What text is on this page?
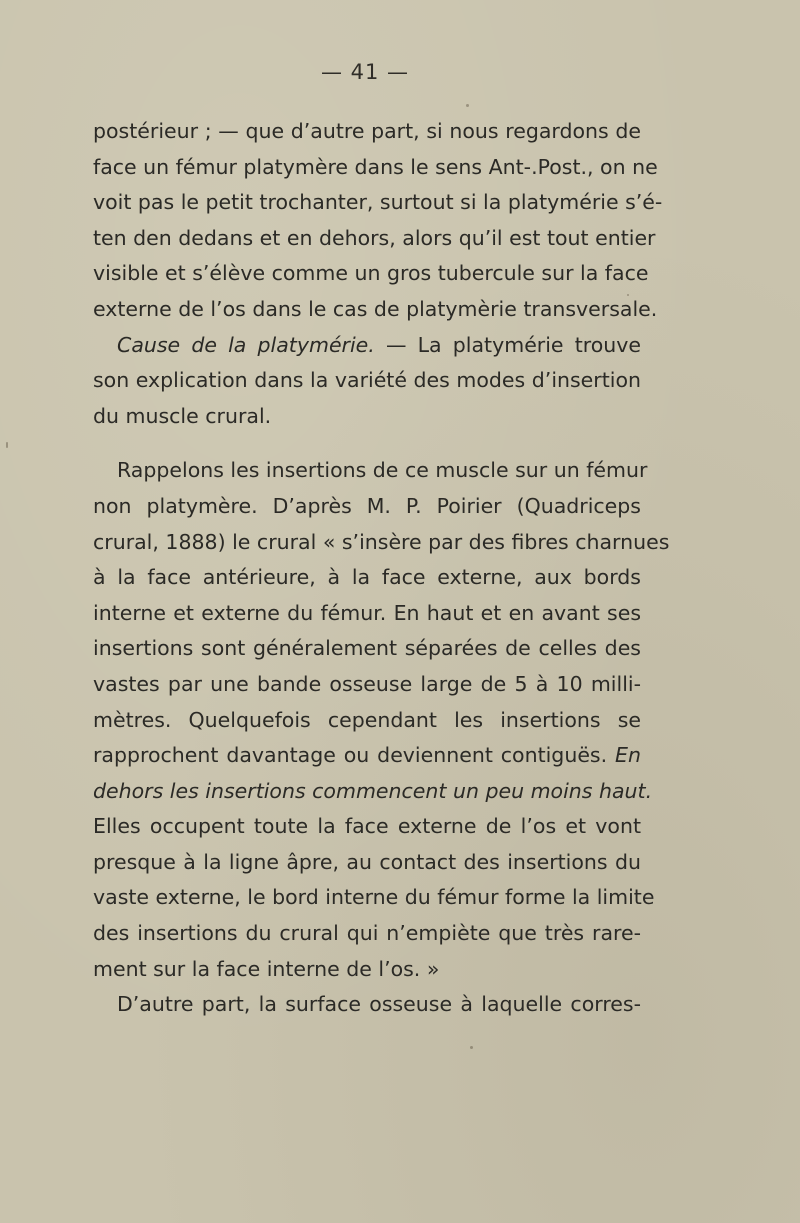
— 41 —
postérieur ; — que d’autre part, si nous regardons de
face un fémur platymère dans le sens Ant-.Post., on ne
voit pas le petit trochanter, surtout si la platymérie s’é-
ten den dedans et en dehors, alors qu’il est tout entier
visible et s’élève comme un gros tubercule sur la face
externe de l’os dans le cas de platymèrie transversale.
Cause de la platymérie. — La platymérie trouve
son explication dans la variété des modes d’insertion
du muscle crural.
Rappelons les insertions de ce muscle sur un fémur
non platymère. D’après M. P. Poirier (Quadriceps
crural, 1888) le crural « s’insère par des fibres charnues
à la face antérieure, à la face externe, aux bords
interne et externe du fémur. En haut et en avant ses
insertions sont généralement séparées de celles des
vastes par une bande osseuse large de 5 à 10 milli-
mètres. Quelquefois cependant les insertions se
rapprochent davantage ou deviennent contiguës. En
dehors les insertions commencent un peu moins haut.
Elles occupent toute la face externe de l’os et vont
presque à la ligne âpre, au contact des insertions du
vaste externe, le bord interne du fémur forme la limite
des insertions du crural qui n’empiète que très rare-
ment sur la face interne de l’os. »
D’autre part, la surface osseuse à laquelle corres-
